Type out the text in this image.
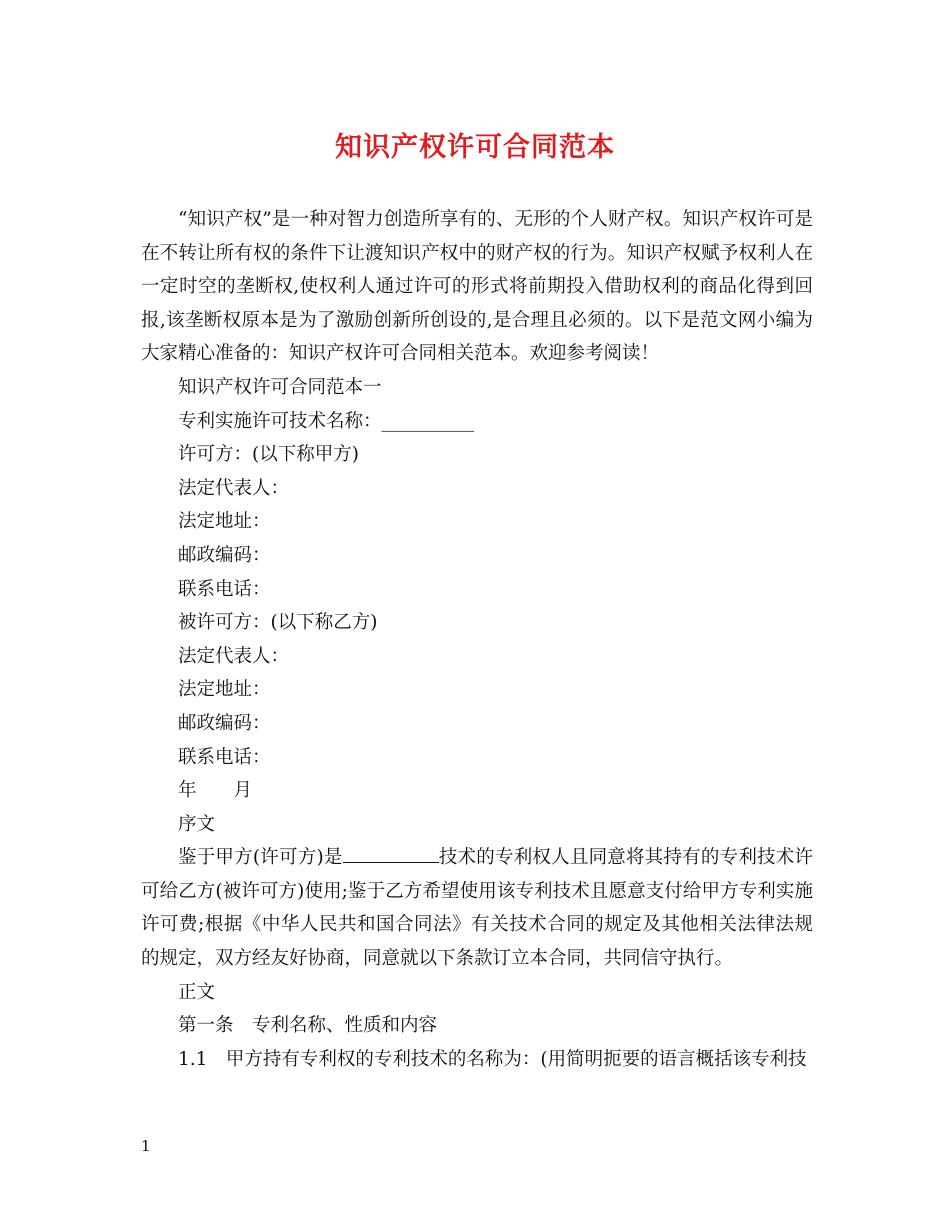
知识产权许可合同范本

“知识产权”是一种对智力创造所享有的、无形的个人财产权。知识产权许可是在不转让所有权的条件下让渡知识产权中的财产权的行为。知识产权赋予权利人在一定时空的垄断权,使权利人通过许可的形式将前期投入借助权利的商品化得到回报,该垄断权原本是为了激励创新所创设的,是合理且必须的。以下是范文网小编为大家精心准备的：知识产权许可合同相关范本。欢迎参考阅读！

知识产权许可合同范本一

专利实施许可技术名称：__________

许可方：(以下称甲方)

法定代表人：

法定地址：

邮政编码：

联系电话：

被许可方：(以下称乙方)

法定代表人：

法定地址：

邮政编码：

联系电话：

年　　月

序文

鉴于甲方(许可方)是	技术的专利权人且同意将其持有的专利技术许可给乙方(被许可方)使用;鉴于乙方希望使用该专利技术且愿意支付给甲方专利实施许可费;根据《中华人民共和国合同法》有关技术合同的规定及其他相关法律法规的规定，双方经友好协商，同意就以下条款订立本合同，共同信守执行。

正文

第一条　专利名称、性质和内容

1.1　甲方持有专利权的专利技术的名称为：(用简明扼要的语言概括该专利技

1
